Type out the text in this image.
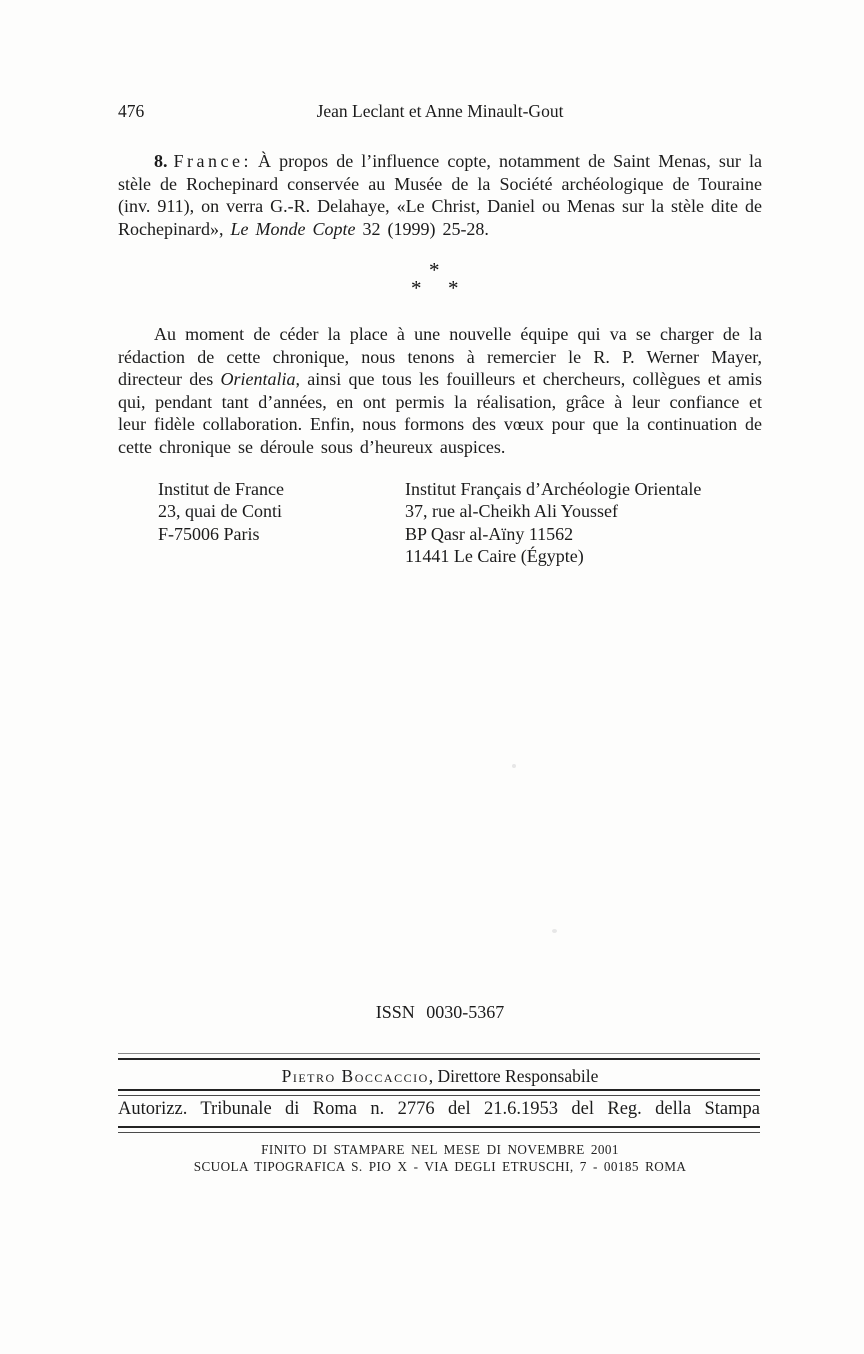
476	Jean Leclant et Anne Minault-Gout

8. France: À propos de l’influence copte, notamment de Saint Menas, sur la stèle de Rochepinard conservée au Musée de la Société archéologique de Touraine (inv. 911), on verra G.-R. Delahaye, «Le Christ, Daniel ou Menas sur la stèle dite de Rochepinard», Le Monde Copte 32 (1999) 25-28.

*
* *

Au moment de céder la place à une nouvelle équipe qui va se charger de la rédaction de cette chronique, nous tenons à remercier le R. P. Werner Mayer, directeur des Orientalia, ainsi que tous les fouilleurs et chercheurs, collègues et amis qui, pendant tant d’années, en ont permis la réalisation, grâce à leur confiance et leur fidèle collaboration. Enfin, nous formons des vœux pour que la continuation de cette chronique se déroule sous d’heureux auspices.

Institut de France
23, quai de Conti
F-75006 Paris
Institut Français d’Archéologie Orientale
37, rue al-Cheikh Ali Youssef
BP Qasr al-Aïny 11562
11441 Le Caire (Égypte)
ISSN 0030-5367
Pietro Boccaccio, Direttore Responsabile
Autorizz. Tribunale di Roma n. 2776 del 21.6.1953 del Reg. della Stampa
FINITO DI STAMPARE NEL MESE DI NOVEMBRE 2001
SCUOLA TIPOGRAFICA S. PIO X - VIA DEGLI ETRUSCHI, 7 - 00185 ROMA
